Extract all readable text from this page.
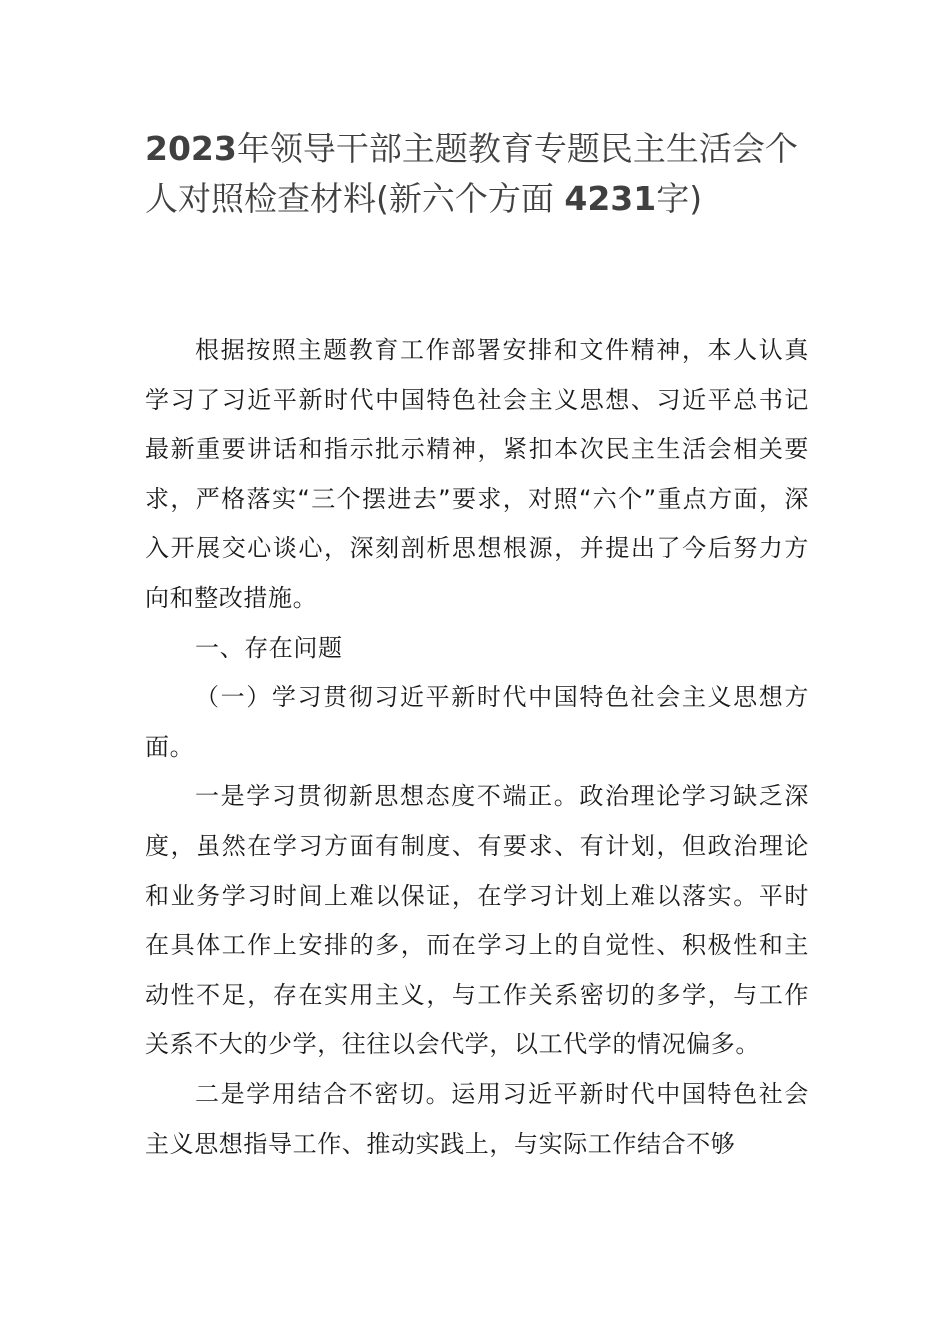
2023年领导干部主题教育专题民主生活会个人对照检查材料(新六个方面 4231字)

根据按照主题教育工作部署安排和文件精神，本人认真学习了习近平新时代中国特色社会主义思想、习近平总书记最新重要讲话和指示批示精神，紧扣本次民主生活会相关要求，严格落实“三个摆进去”要求，对照“六个”重点方面，深入开展交心谈心，深刻剖析思想根源，并提出了今后努力方向和整改措施。

一、存在问题

（一）学习贯彻习近平新时代中国特色社会主义思想方面。

一是学习贯彻新思想态度不端正。政治理论学习缺乏深度，虽然在学习方面有制度、有要求、有计划，但政治理论和业务学习时间上难以保证，在学习计划上难以落实。平时在具体工作上安排的多，而在学习上的自觉性、积极性和主动性不足，存在实用主义，与工作关系密切的多学，与工作关系不大的少学，往往以会代学，以工代学的情况偏多。

二是学用结合不密切。运用习近平新时代中国特色社会主义思想指导工作、推动实践上，与实际工作结合不够
